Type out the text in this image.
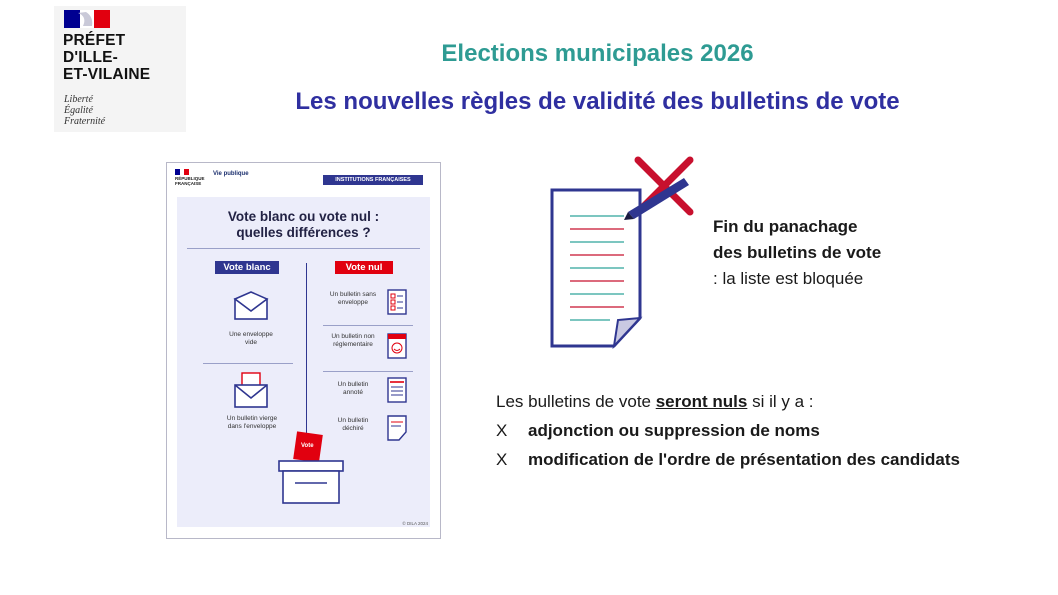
PRÉFET
D'ILLE-
ET-VILAINE
Liberté
Égalité
Fraternité
Elections municipales 2026
Les nouvelles règles de validité des bulletins de vote
RÉPUBLIQUE FRANÇAISE
Vie publique
INSTITUTIONS FRANÇAISES
Vote blanc ou vote nul :
quelles différences ?
Vote blanc	Vote nul
Une enveloppe vide
Un bulletin vierge dans l'enveloppe
Un bulletin sans enveloppe
Un bulletin non réglementaire
Un bulletin annoté
Un bulletin déchiré
Vote
© DILA 2024
Fin du panachage
des bulletins de vote
: la liste est bloquée
Les bulletins de vote seront nuls si il y a :
X adjonction ou suppression de noms
X modification de l'ordre de présentation des candidats
